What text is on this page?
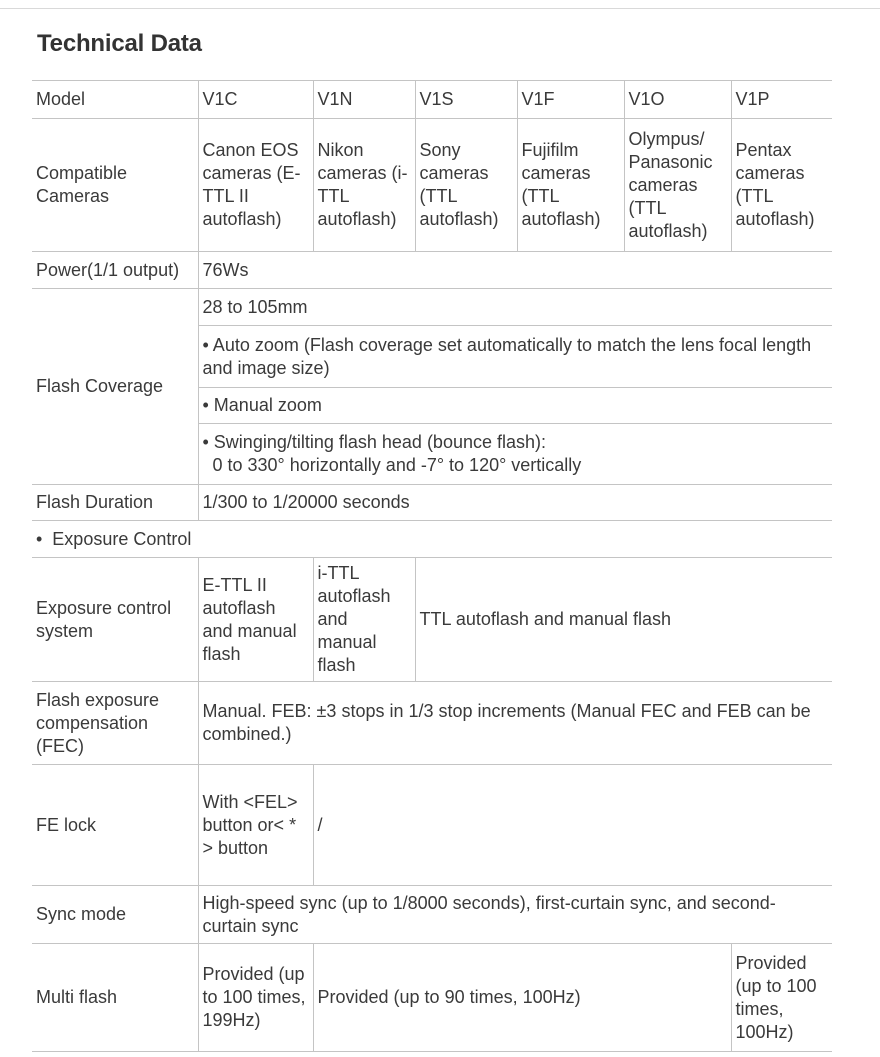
Technical Data
Model	V1C	V1N	V1S	V1F	V1O	V1P
Compatible Cameras	Canon EOS cameras (E-TTL II autoflash)	Nikon cameras (i-TTL autoflash)	Sony cameras (TTL autoflash)	Fujifilm cameras (TTL autoflash)	Olympus/ Panasonic cameras (TTL autoflash)	Pentax cameras (TTL autoflash)
Power(1/1 output)	76Ws					
Flash Coverage	28 to 105mm					
	• Auto zoom (Flash coverage set automatically to match the lens focal length and image size)					
	• Manual zoom					
	• Swinging/tilting flash head (bounce flash):
0 to 330° horizontally and -7° to 120° vertically					
Flash Duration	1/300 to 1/20000 seconds					
•  Exposure Control						
Exposure control system	E-TTL II autoflash and manual flash	i-TTL autoflash and manual flash	TTL autoflash and manual flash			
Flash exposure compensation (FEC)	Manual. FEB: ±3 stops in 1/3 stop increments (Manual FEC and FEB can be combined.)					
FE lock	With <FEL> button or< * > button	/				
Sync mode	High-speed sync (up to 1/8000 seconds), first-curtain sync, and second-curtain sync					
Multi flash	Provided (up to 100 times, 199Hz)	Provided (up to 90 times, 100Hz)				Provided (up to 100 times, 100Hz)
